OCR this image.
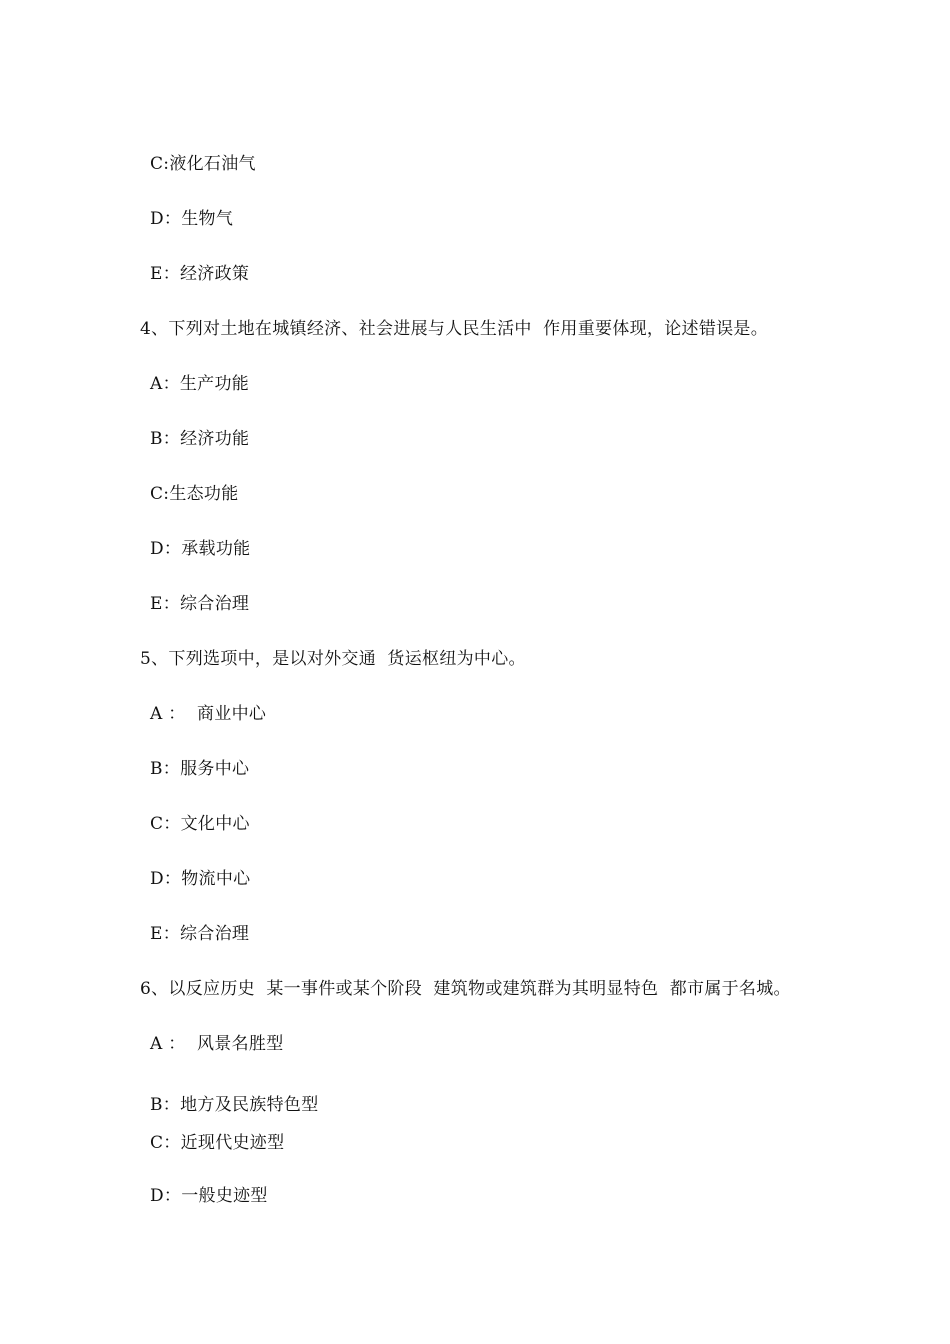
C:液化石油气
D：生物气
E：经济政策
4、下列对土地在城镇经济、社会进展与人民生活中  作用重要体现，论述错误是。
A：生产功能
B：经济功能
C:生态功能
D：承载功能
E：综合治理
5、下列选项中，是以对外交通  货运枢纽为中心。
A ：  商业中心
B：服务中心
C：文化中心
D：物流中心
E：综合治理
6、以反应历史  某一事件或某个阶段  建筑物或建筑群为其明显特色  都市属于名城。
A ：  风景名胜型
B：地方及民族特色型
C：近现代史迹型
D：一般史迹型
